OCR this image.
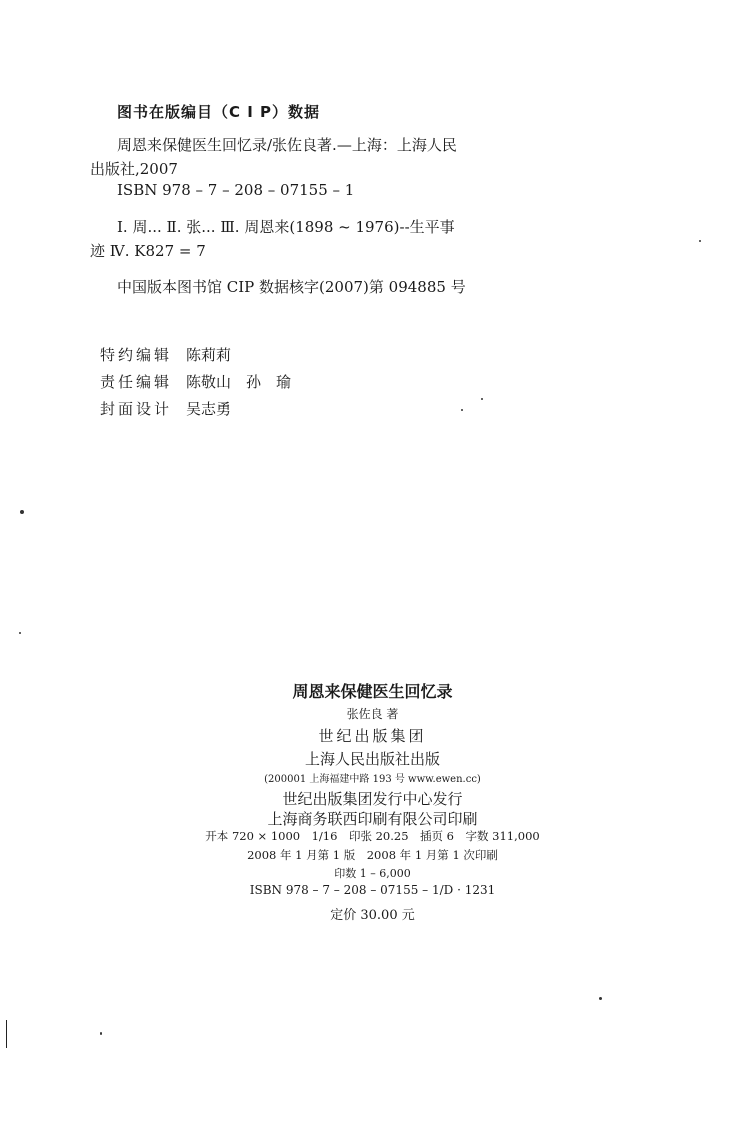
图书在版编目（C I P）数据
周恩来保健医生回忆录/张佐良著.—上海：上海人民
出版社,2007
ISBN 978 – 7 – 208 – 07155 – 1
Ⅰ. 周... Ⅱ. 张... Ⅲ. 周恩来(1898 ~ 1976)--生平事
迹 Ⅳ. K827 = 7
中国版本图书馆 CIP 数据核字(2007)第 094885 号
特约编辑 陈莉莉
责任编辑 陈敬山　孙　瑜
封面设计 吴志勇
周恩来保健医生回忆录
张佐良 著
世纪出版集团
上海人民出版社出版
(200001 上海福建中路 193 号 www.ewen.cc)
世纪出版集团发行中心发行
上海商务联西印刷有限公司印刷
开本 720 × 1000　1/16　印张 20.25　插页 6　字数 311,000
2008 年 1 月第 1 版　2008 年 1 月第 1 次印刷
印数 1 – 6,000
ISBN 978 – 7 – 208 – 07155 – 1/D · 1231
定价 30.00 元
